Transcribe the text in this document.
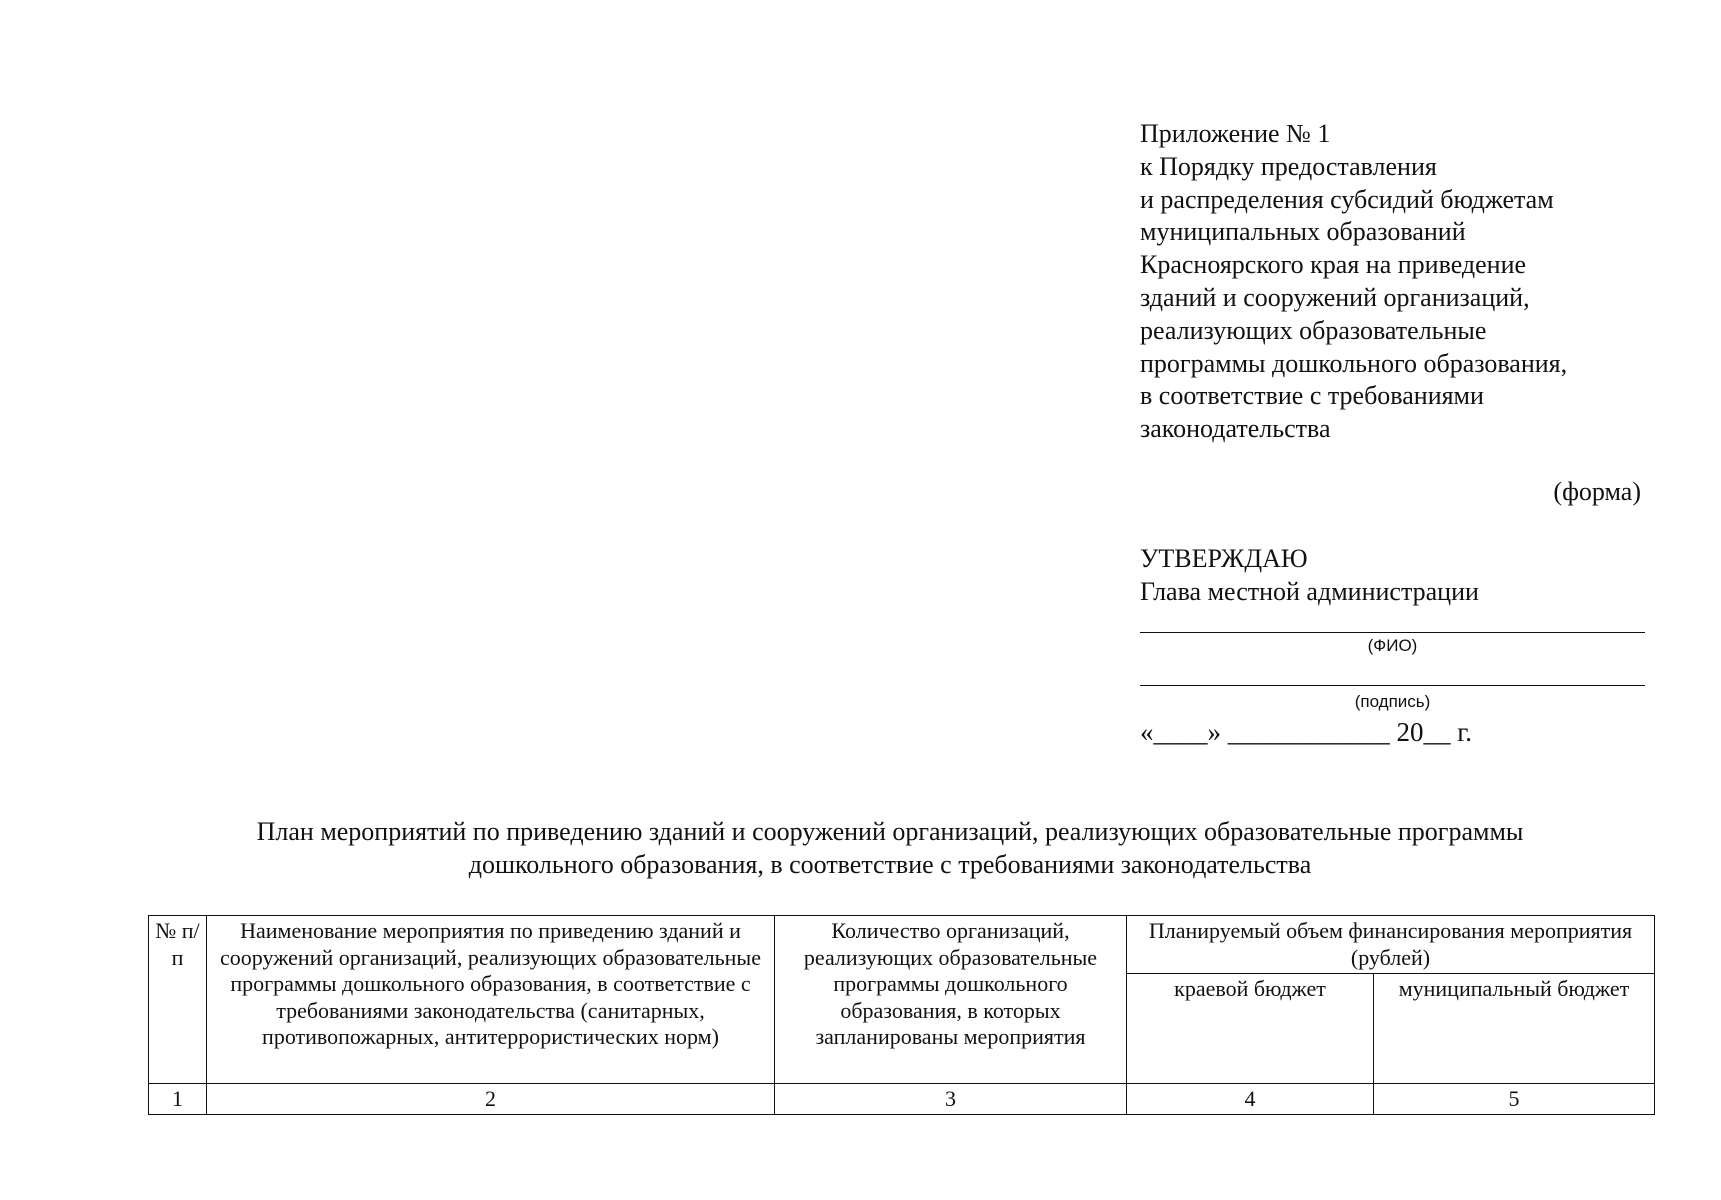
Приложение № 1
к Порядку предоставления
и распределения субсидий бюджетам
муниципальных образований
Красноярского края на приведение
зданий и сооружений организаций,
реализующих образовательные
программы дошкольного образования,
в соответствие с требованиями
законодательства
(форма)
УТВЕРЖДАЮ
Глава местной администрации
(ФИО)
(подпись)
«____» ____________ 20__ г.
План мероприятий по приведению зданий и сооружений организаций, реализующих образовательные программы
дошкольного образования, в соответствие с требованиями законодательства
№ п/п	Наименование мероприятия по приведению зданий и сооружений организаций, реализующих образовательные программы дошкольного образования, в соответствие с требованиями законодательства (санитарных, противопожарных, антитеррористических норм)	Количество организаций, реализующих образовательные программы дошкольного образования, в которых запланированы мероприятия	Планируемый объем финансирования мероприятия (рублей)	
			краевой бюджет	муниципальный бюджет
1	2	3	4	5
